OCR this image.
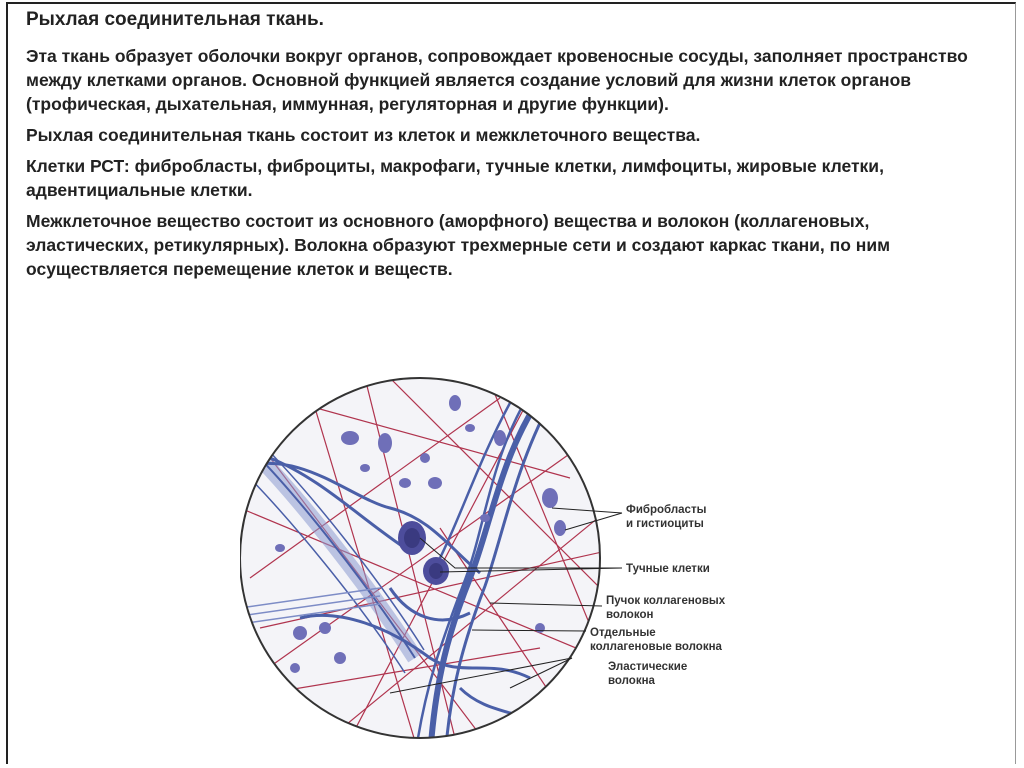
Рыхлая соединительная ткань.

Эта ткань образует оболочки вокруг органов, сопровождает кровеносные сосуды, заполняет пространство между клетками органов. Основной функцией является создание условий для жизни клеток органов (трофическая, дыхательная, иммунная, регуляторная и другие функции).

Рыхлая соединительная ткань состоит из клеток и межклеточного вещества.

Клетки РСТ: фибробласты, фиброциты, макрофаги, тучные клетки, лимфоциты, жировые клетки, адвентициальные клетки.

Межклеточное вещество состоит из основного (аморфного) вещества и волокон (коллагеновых, эластических, ретикулярных). Волокна образуют трехмерные сети и создают каркас ткани, по ним осуществляется перемещение клеток и веществ.

Фибробласты
и гистиоциты
Тучные клетки
Пучок коллагеновых
волокон
Отдельные
коллагеновые волокна
Эластические
волокна
